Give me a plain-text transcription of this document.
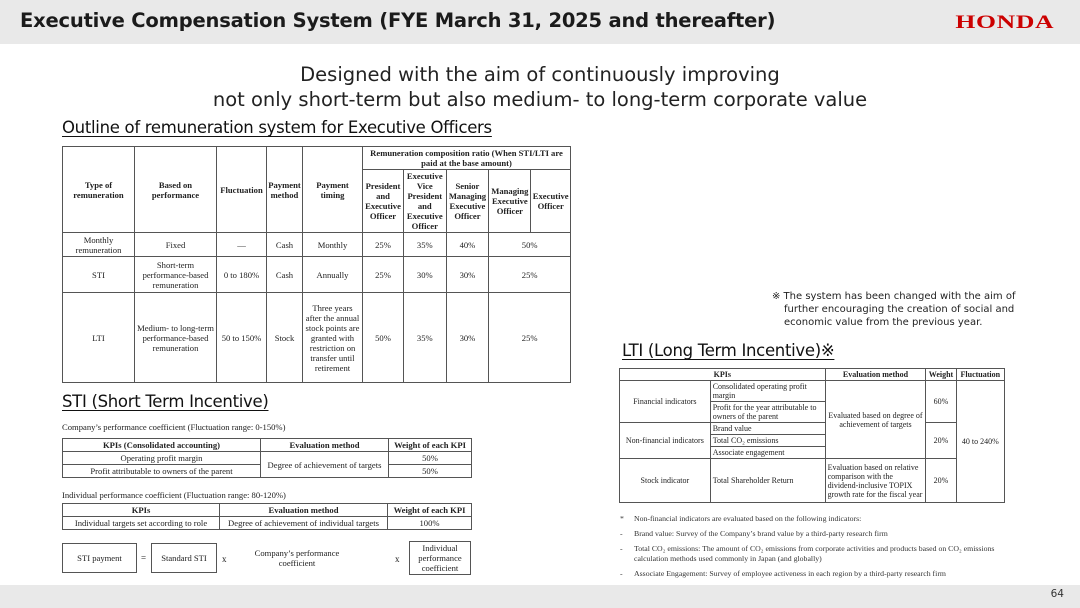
Executive Compensation System (FYE March 31, 2025 and thereafter)	HONDA
Designed with the aim of continuously improving
not only short-term but also medium- to long-term corporate value
Outline of remuneration system for Executive Officers
Type of remuneration	Based on performance	Fluctuation	Payment method	Payment timing	Remuneration composition ratio (When STI/LTI are paid at the base amount)				
					President and Executive Officer	Executive Vice President and Executive Officer	Senior Managing Executive Officer	Managing Executive Officer	Executive Officer
Monthly remuneration	Fixed	—	Cash	Monthly	25%	35%	40%	50%	
STI	Short-term performance-based remuneration	0 to 180%	Cash	Annually	25%	30%	30%	25%	
LTI	Medium- to long-term performance-based remuneration	50 to 150%	Stock	Three years after the annual stock points are granted with restriction on transfer until retirement	50%	35%	30%	25%	
STI (Short Term Incentive)
Company’s performance coefficient (Fluctuation range: 0-150%)
KPIs (Consolidated accounting)	Evaluation method	Weight of each KPI
Operating profit margin	Degree of achievement of targets	50%
Profit attributable to owners of the parent		50%
Individual performance coefficient (Fluctuation range: 80-120%)
KPIs	Evaluation method	Weight of each KPI
Individual targets set according to role	Degree of achievement of individual targets	100%
STI payment	=	Standard STI	x
Company’s performance coefficient	x
Individual performance coefficient
※ The system has been changed with the aim of
further encouraging the creation of social and
economic value from the previous year.
LTI (Long Term Incentive)※
KPIs		Evaluation method	Weight	Fluctuation
Financial indicators	Consolidated operating profit margin	Evaluated based on degree of achievement of targets	60%	40 to 240%
	Profit for the year attributable to owners of the parent			
Non-financial indicators	Brand value		20%	
	Total CO₂ emissions			
	Associate engagement			
Stock indicator	Total Shareholder Return	Evaluation based on relative comparison with the dividend-inclusive TOPIX growth rate for the fiscal year	20%	
*	Non-financial indicators are evaluated based on the following indicators:
-	Brand value: Survey of the Company’s brand value by a third-party research firm
-	Total CO₂ emissions: The amount of CO₂ emissions from corporate activities and products based on CO₂ emissions calculation methods used commonly in Japan (and globally)
-	Associate Engagement: Survey of employee activeness in each region by a third-party research firm
64
